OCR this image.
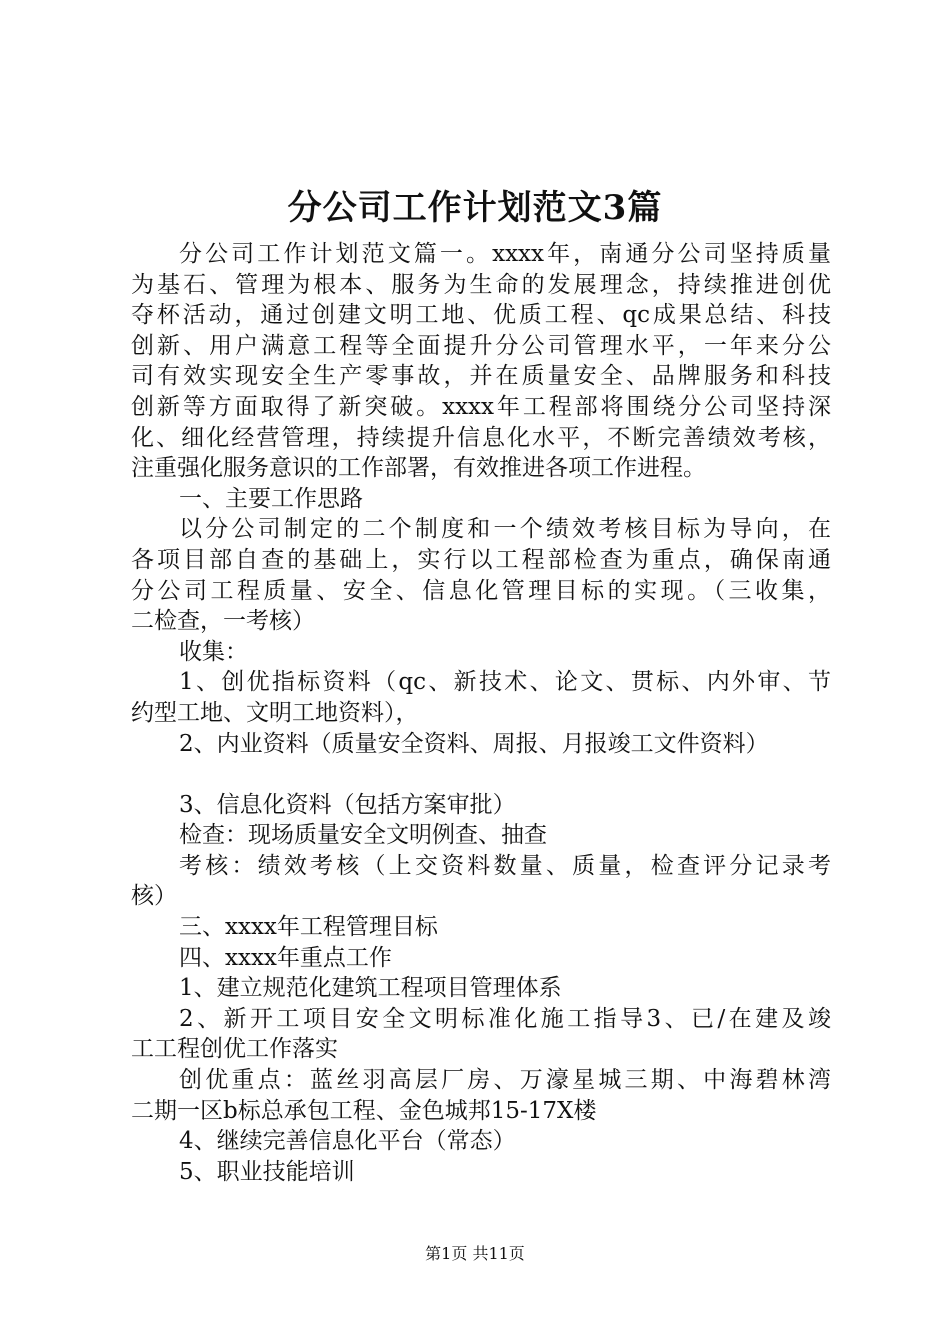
分公司工作计划范文3篇
分公司工作计划范文篇一。xxxx年，南通分公司坚持质量
为基石、管理为根本、服务为生命的发展理念，持续推进创优
夺杯活动，通过创建文明工地、优质工程、qc成果总结、科技
创新、用户满意工程等全面提升分公司管理水平，一年来分公
司有效实现安全生产零事故，并在质量安全、品牌服务和科技
创新等方面取得了新突破。xxxx年工程部将围绕分公司坚持深
化、细化经营管理，持续提升信息化水平，不断完善绩效考核，
注重强化服务意识的工作部署，有效推进各项工作进程。
一、主要工作思路
以分公司制定的二个制度和一个绩效考核目标为导向，在
各项目部自查的基础上，实行以工程部检查为重点，确保南通
分公司工程质量、安全、信息化管理目标的实现。（三收集，
二检查，一考核）
收集：
1、创优指标资料（qc、新技术、论文、贯标、内外审、节
约型工地、文明工地资料），
2、内业资料（质量安全资料、周报、月报竣工文件资料）
3、信息化资料（包括方案审批）
检查：现场质量安全文明例查、抽查
考核：绩效考核（上交资料数量、质量，检查评分记录考
核）
三、xxxx年工程管理目标
四、xxxx年重点工作
1、建立规范化建筑工程项目管理体系
2、新开工项目安全文明标准化施工指导3、已/在建及竣
工工程创优工作落实
创优重点：蓝丝羽高层厂房、万濠星城三期、中海碧林湾
二期一区b标总承包工程、金色城邦15-17X楼
4、继续完善信息化平台（常态）
5、职业技能培训
第1页 共11页
